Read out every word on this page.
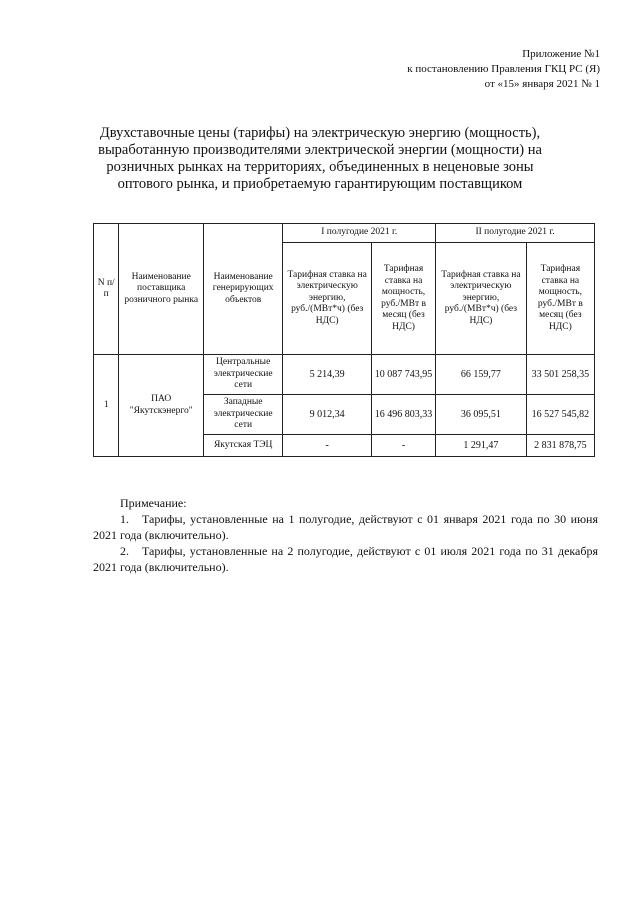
Приложение №1
к постановлению Правления ГКЦ РС (Я)
от «15» января 2021 № 1
Двухставочные цены (тарифы) на электрическую энергию (мощность),
выработанную производителями электрической энергии (мощности) на
розничных рынках на территориях, объединенных в неценовые зоны
оптового рынка, и приобретаемую гарантирующим поставщиком
N п/п	Наименование поставщика розничного рынка	Наименование генерирующих объектов	I полугодие 2021 г.		II полугодие 2021 г.	
			Тарифная ставка на электрическую энергию, руб./(МВт*ч) (без НДС)	Тарифная ставка на мощность, руб./МВт в месяц (без НДС)	Тарифная ставка на электрическую энергию, руб./(МВт*ч) (без НДС)	Тарифная ставка на мощность, руб./МВт в месяц (без НДС)
1	ПАО "Якутскэнерго"	Центральные электрические сети	5 214,39	10 087 743,95	66 159,77	33 501 258,35
		Западные электрические сети	9 012,34	16 496 803,33	36 095,51	16 527 545,82
		Якутская ТЭЦ	-	-	1 291,47	2 831 878,75
Примечание:
1. Тарифы, установленные на 1 полугодие, действуют с 01 января 2021 года по 30 июня 2021 года (включительно).
2. Тарифы, установленные на 2 полугодие, действуют с 01 июля 2021 года по 31 декабря 2021 года (включительно).
